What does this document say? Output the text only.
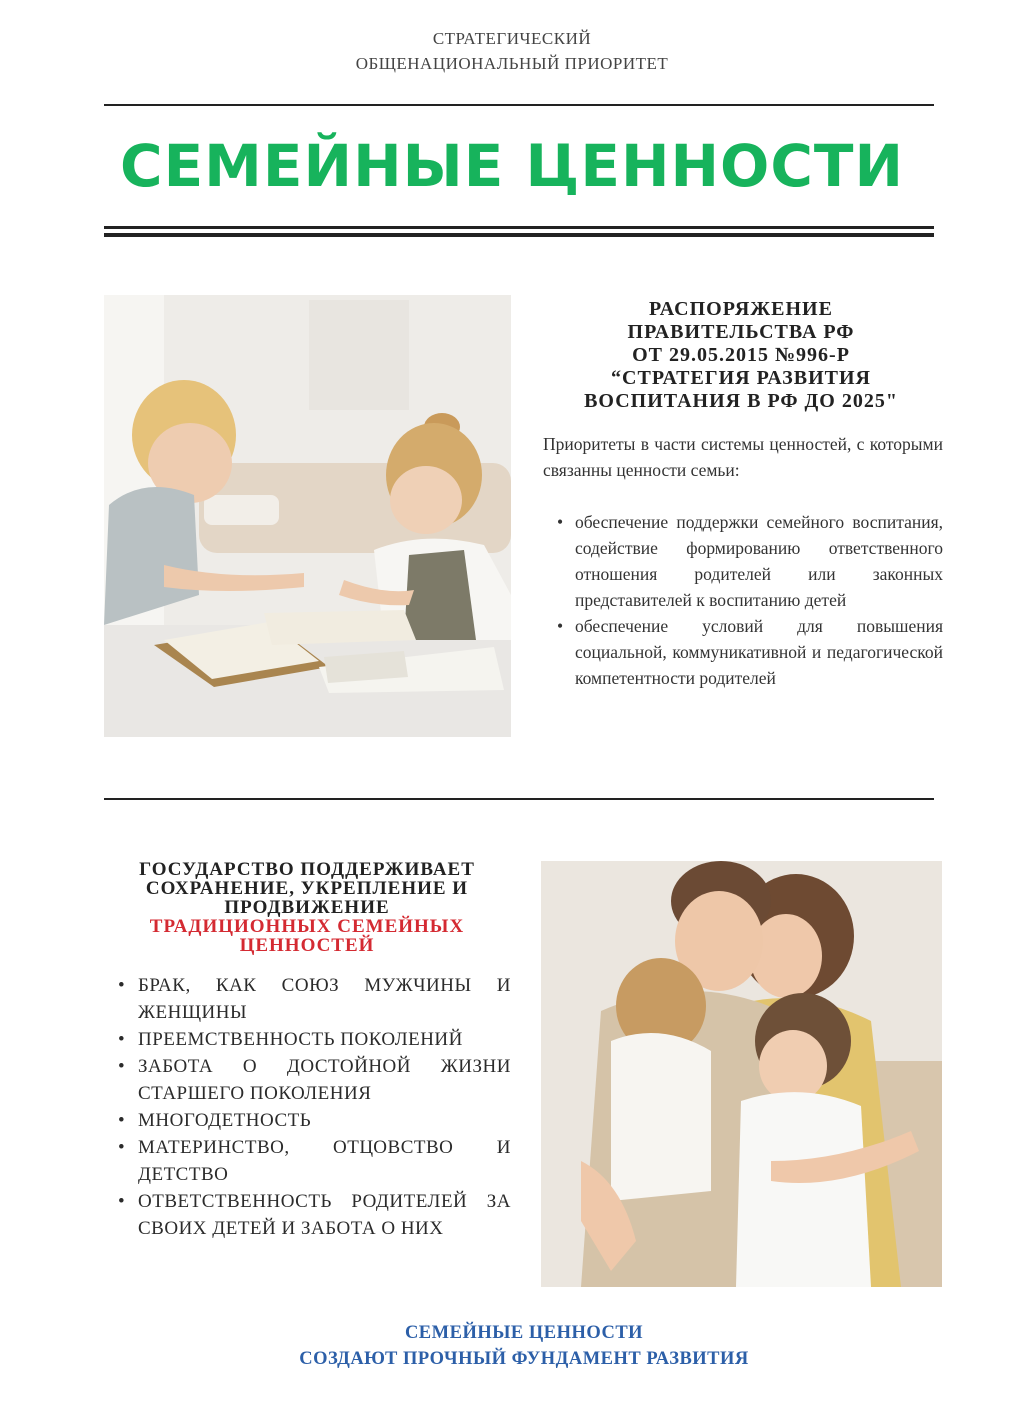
СТРАТЕГИЧЕСКИЙ
ОБЩЕНАЦИОНАЛЬНЫЙ ПРИОРИТЕТ
СЕМЕЙНЫЕ ЦЕННОСТИ
РАСПОРЯЖЕНИЕ
ПРАВИТЕЛЬСТВА РФ
ОТ 29.05.2015 №996-Р
“СТРАТЕГИЯ РАЗВИТИЯ
ВОСПИТАНИЯ В РФ ДО 2025"
Приоритеты в части системы ценностей, с которыми связанны ценности семьи:
• обеспечение поддержки семейного воспитания, содействие формированию ответственного отношения родителей или законных представителей к воспитанию детей
• обеспечение условий для повышения социальной, коммуникативной и педагогической компетентности родителей
ГОСУДАРСТВО ПОДДЕРЖИВАЕТ
СОХРАНЕНИЕ, УКРЕПЛЕНИЕ И
ПРОДВИЖЕНИЕ
ТРАДИЦИОННЫХ СЕМЕЙНЫХ
ЦЕННОСТЕЙ
• БРАК, КАК СОЮЗ МУЖЧИНЫ И ЖЕНЩИНЫ
• ПРЕЕМСТВЕННОСТЬ ПОКОЛЕНИЙ
• ЗАБОТА О ДОСТОЙНОЙ ЖИЗНИ СТАРШЕГО ПОКОЛЕНИЯ
• МНОГОДЕТНОСТЬ
• МАТЕРИНСТВО, ОТЦОВСТВО И ДЕТСТВО
• ОТВЕТСТВЕННОСТЬ РОДИТЕЛЕЙ ЗА СВОИХ ДЕТЕЙ И ЗАБОТА О НИХ
СЕМЕЙНЫЕ ЦЕННОСТИ
СОЗДАЮТ ПРОЧНЫЙ ФУНДАМЕНТ РАЗВИТИЯ
